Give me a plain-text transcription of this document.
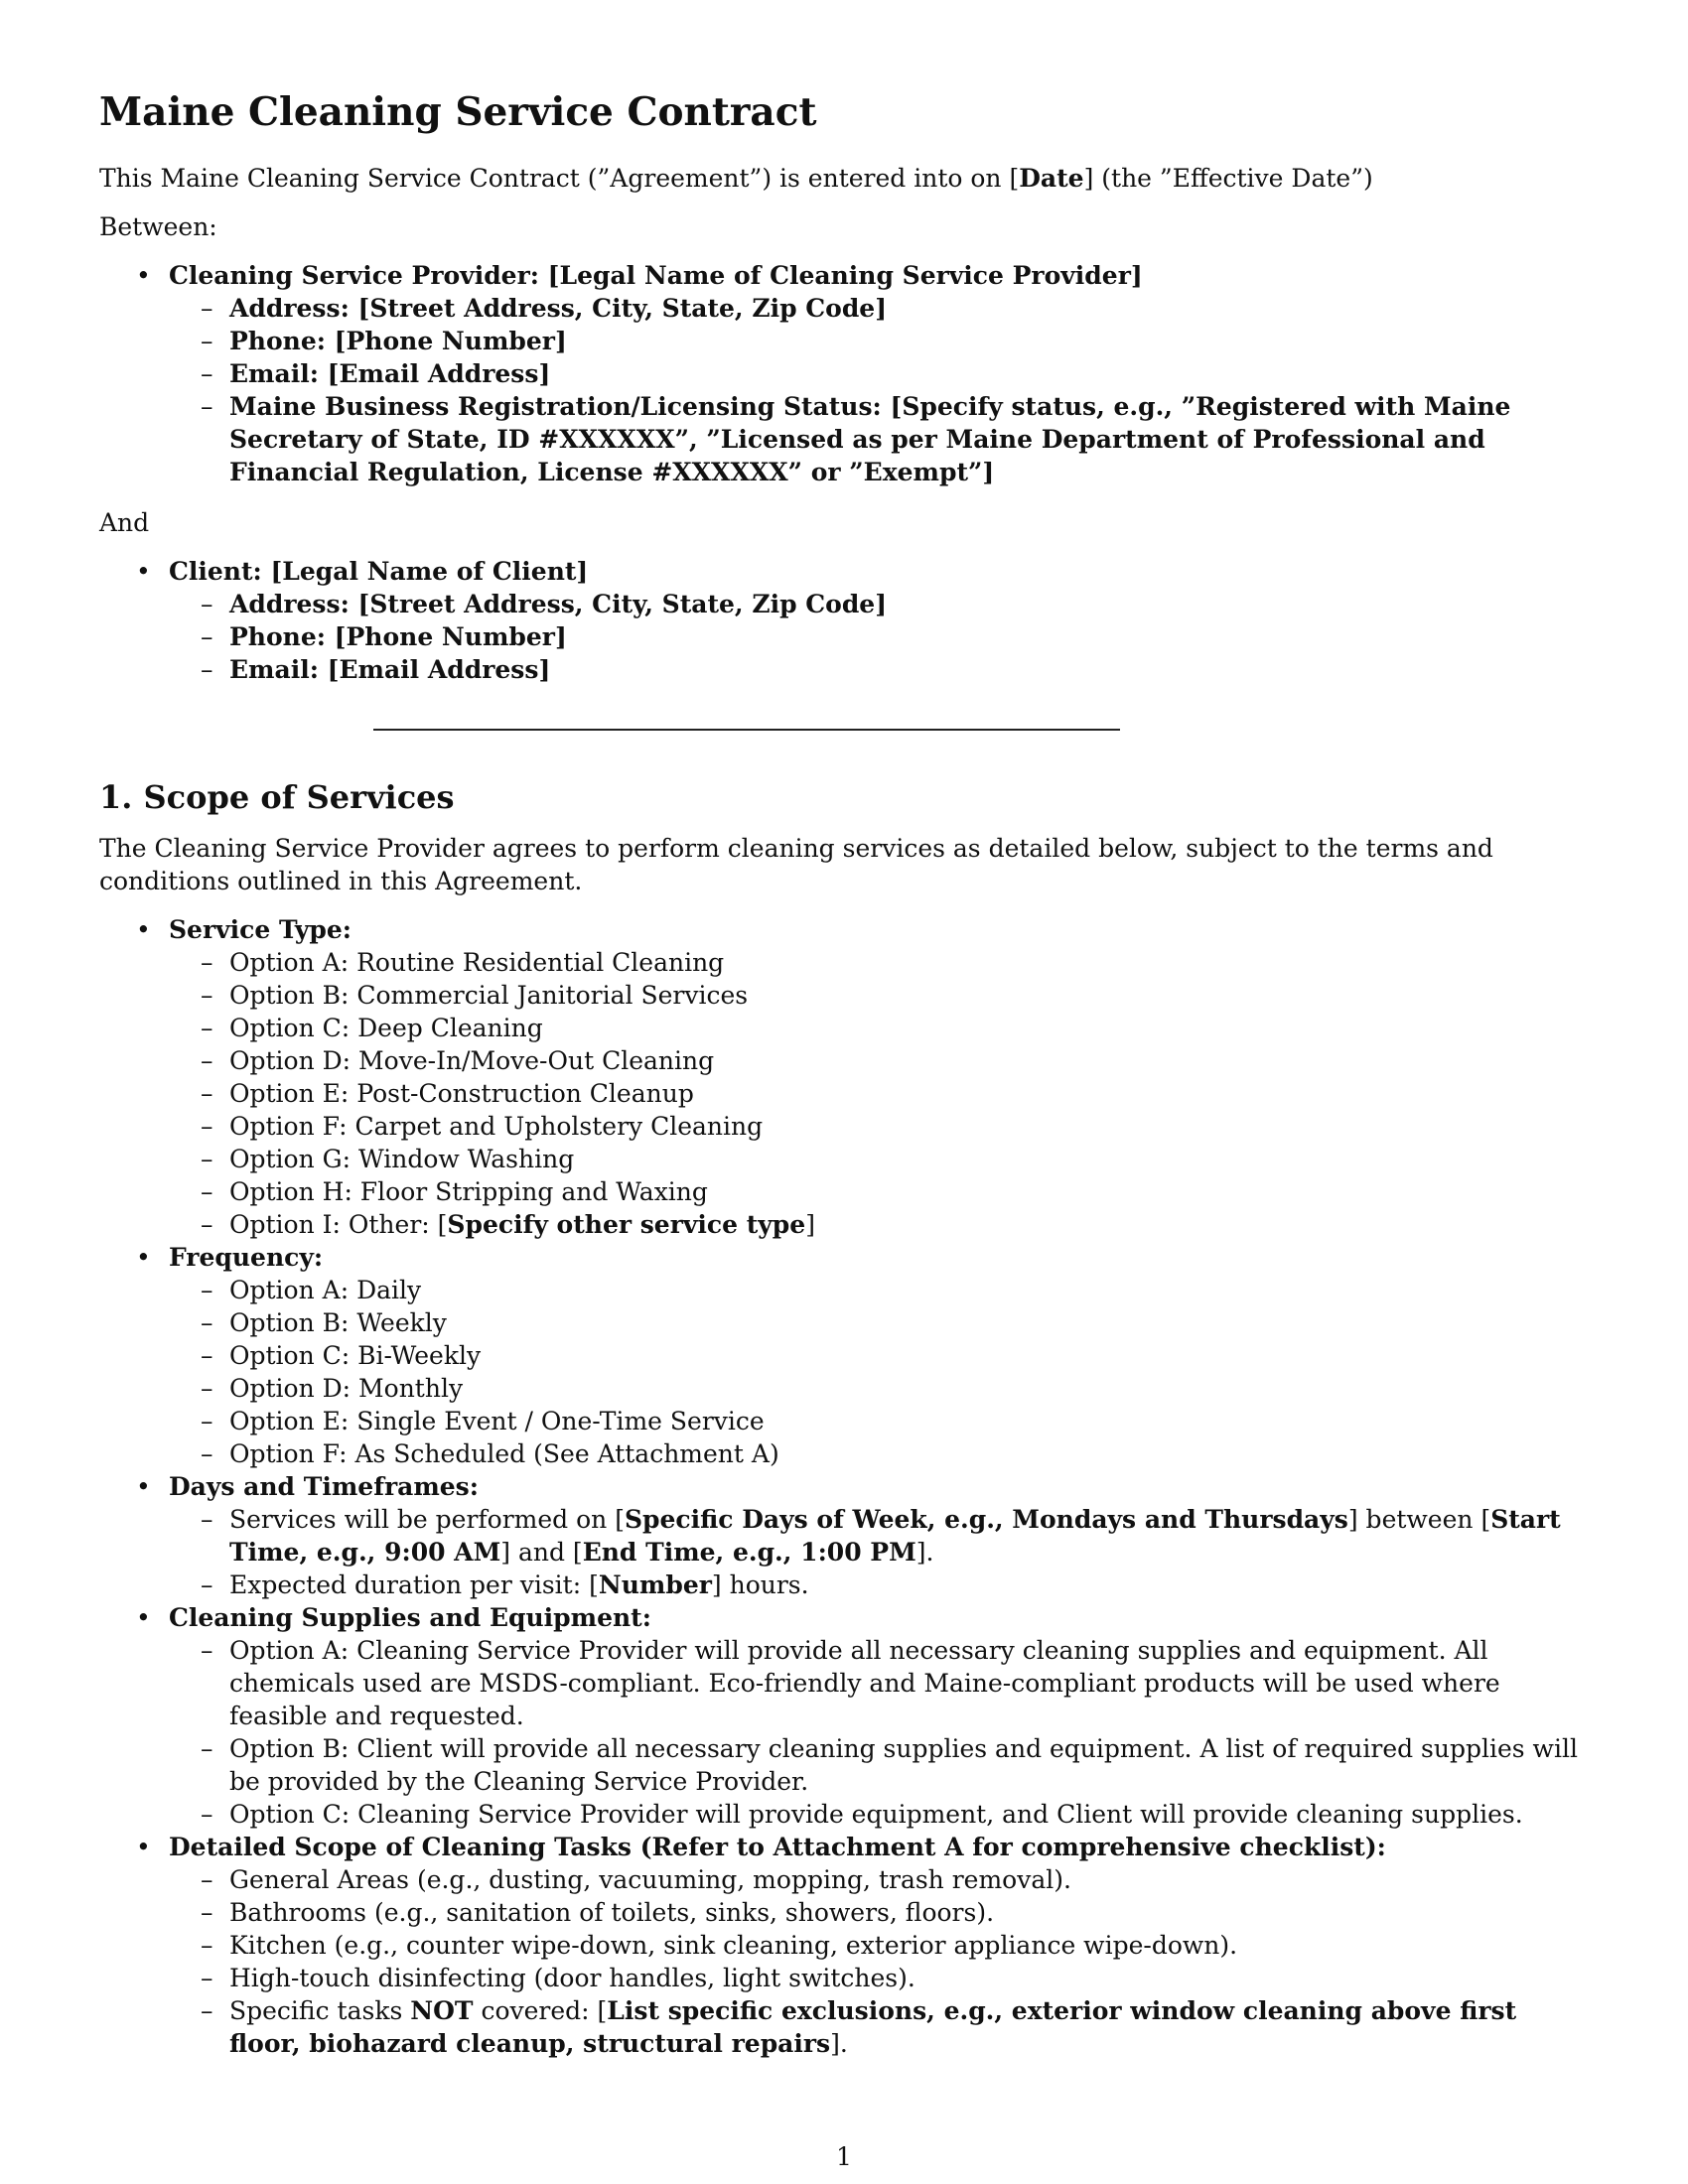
Maine Cleaning Service Contract

This Maine Cleaning Service Contract (”Agreement”) is entered into on [Date] (the ”Effective Date”)

Between:

• Cleaning Service Provider: [Legal Name of Cleaning Service Provider]
– Address: [Street Address, City, State, Zip Code]
– Phone: [Phone Number]
– Email: [Email Address]
– Maine Business Registration/Licensing Status: [Specify status, e.g., ”Registered with Maine Secretary of State, ID #XXXXXX”, ”Licensed as per Maine Department of Professional and Financial Regulation, License #XXXXXX” or ”Exempt”]

And

• Client: [Legal Name of Client]
– Address: [Street Address, City, State, Zip Code]
– Phone: [Phone Number]
– Email: [Email Address]
1. Scope of Services

The Cleaning Service Provider agrees to perform cleaning services as detailed below, subject to the terms and conditions outlined in this Agreement.

• Service Type:
– Option A: Routine Residential Cleaning
– Option B: Commercial Janitorial Services
– Option C: Deep Cleaning
– Option D: Move-In/Move-Out Cleaning
– Option E: Post-Construction Cleanup
– Option F: Carpet and Upholstery Cleaning
– Option G: Window Washing
– Option H: Floor Stripping and Waxing
– Option I: Other: [Specify other service type]
• Frequency:
– Option A: Daily
– Option B: Weekly
– Option C: Bi-Weekly
– Option D: Monthly
– Option E: Single Event / One-Time Service
– Option F: As Scheduled (See Attachment A)
• Days and Timeframes:
– Services will be performed on [Specific Days of Week, e.g., Mondays and Thursdays] between [Start Time, e.g., 9:00 AM] and [End Time, e.g., 1:00 PM].
– Expected duration per visit: [Number] hours.
• Cleaning Supplies and Equipment:
– Option A: Cleaning Service Provider will provide all necessary cleaning supplies and equipment. All chemicals used are MSDS-compliant. Eco-friendly and Maine-compliant products will be used where feasible and requested.
– Option B: Client will provide all necessary cleaning supplies and equipment. A list of required supplies will be provided by the Cleaning Service Provider.
– Option C: Cleaning Service Provider will provide equipment, and Client will provide cleaning supplies.
• Detailed Scope of Cleaning Tasks (Refer to Attachment A for comprehensive checklist):
– General Areas (e.g., dusting, vacuuming, mopping, trash removal).
– Bathrooms (e.g., sanitation of toilets, sinks, showers, floors).
– Kitchen (e.g., counter wipe-down, sink cleaning, exterior appliance wipe-down).
– High-touch disinfecting (door handles, light switches).
– Specific tasks NOT covered: [List specific exclusions, e.g., exterior window cleaning above first floor, biohazard cleanup, structural repairs].
1
